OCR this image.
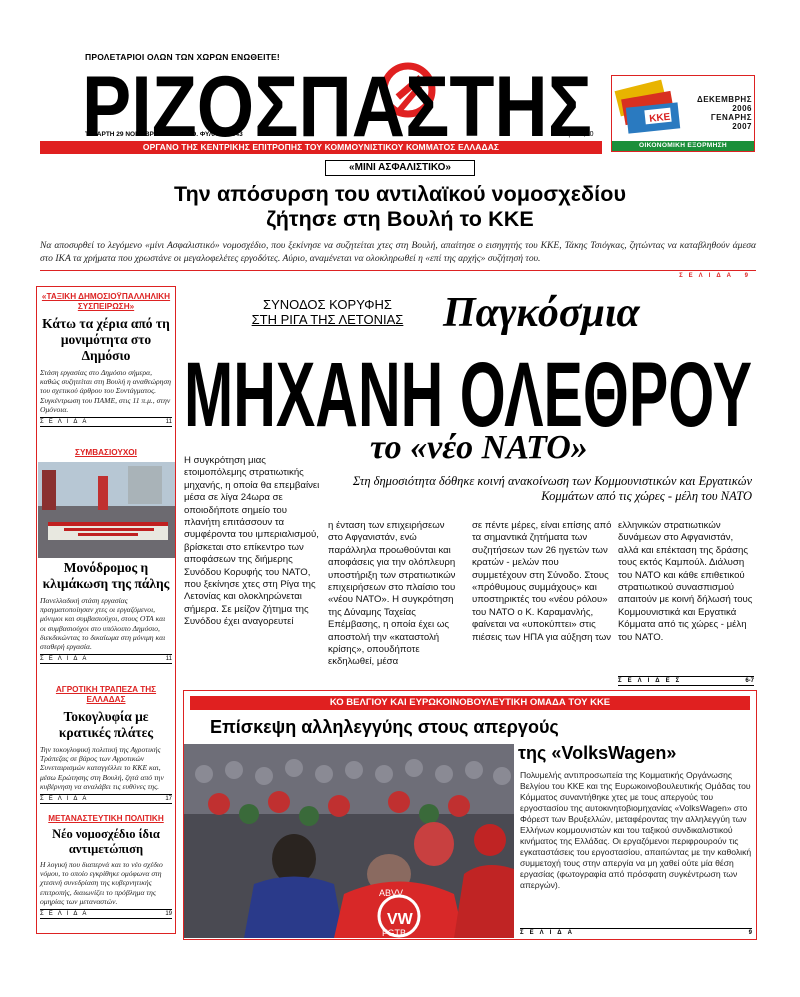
ΠΡΟΛΕΤΑΡΙΟΙ ΟΛΩΝ ΤΩΝ ΧΩΡΩΝ ΕΝΩΘΕΙΤΕ!
ΡΙΖΟΣΠΑΣΤΗΣ
ΤΕΤΑΡΤΗ 29 ΝΟΕΜΒΡΗ 2006 - ΑΡΙΘ. ΦΥΛΛΟΥ 9643	Ευρώ 1,00
ΟΡΓΑΝΟ ΤΗΣ ΚΕΝΤΡΙΚΗΣ ΕΠΙΤΡΟΠΗΣ ΤΟΥ ΚΟΜΜΟΥΝΙΣΤΙΚΟΥ ΚΟΜΜΑΤΟΣ ΕΛΛΑΔΑΣ
ΚΚΕ
ΔΕΚΕΜΒΡΗΣ
2006
ΓΕΝΑΡΗΣ
2007
ΟΙΚΟΝΟΜΙΚΗ ΕΞΟΡΜΗΣΗ
«ΜΙΝΙ ΑΣΦΑΛΙΣΤΙΚΟ»
Την απόσυρση του αντιλαϊκού νομοσχεδίου
ζήτησε στη Βουλή το ΚΚΕ
Να αποσυρθεί το λεγόμενο «μίνι Ασφαλιστικό» νομοσχέδιο, που ξεκίνησε να συζητείται χτες στη Βουλή, απαίτησε ο εισηγητής του ΚΚΕ, Τάκης Τσιόγκας, ζητώντας να καταβληθούν άμεσα στο ΙΚΑ τα χρήματα που χρωστάνε οι μεγαλοφελέτες εργοδότες. Αύριο, αναμένεται να ολοκληρωθεί η «επί της αρχής» συζήτησή του.
ΣΕΛΙΔΑ 9
«ΤΑΞΙΚΗ ΔΗΜΟΣΙΟΫΠΑΛΛΗΛΙΚΗ ΣΥΣΠΕΙΡΩΣΗ»
Κάτω τα χέρια από τη μονιμότητα στο Δημόσιο
Στάση εργασίας στο Δημόσιο σήμερα, καθώς συζητείται στη Βουλή η αναθεώρηση του σχετικού άρθρου του Συντάγματος. Συγκέντρωση του ΠΑΜΕ, στις 11 π.μ., στην Ομόνοια.
ΣΕΛΙΔΑ	11
ΣΥΜΒΑΣΙΟΥΧΟΙ
Μονόδρομος η κλιμάκωση της πάλης
Πανελλαδική στάση εργασίας πραγματοποίησαν χτες οι εργαζόμενοι, μόνιμοι και συμβασιούχοι, στους ΟΤΑ και οι συμβασιούχοι στο υπόλοιπο Δημόσιο, διεκδικώντας το δικαίωμα στη μόνιμη και σταθερή εργασία.
ΣΕΛΙΔΑ	11
ΑΓΡΟΤΙΚΗ ΤΡΑΠΕΖΑ ΤΗΣ ΕΛΛΑΔΑΣ
Τοκογλυφία με κρατικές πλάτες
Την τοκογλυφική πολιτική της Αγροτικής Τράπεζας σε βάρος των Αγροτικών Συνεταιρισμών καταγγέλλει το ΚΚΕ και, μέσω Ερώτησης στη Βουλή, ζητά από την κυβέρνηση να αναλάβει τις ευθύνες της.
ΣΕΛΙΔΑ	17
ΜΕΤΑΝΑΣΤΕΥΤΙΚΗ ΠΟΛΙΤΙΚΗ
Νέο νομοσχέδιο ίδια αντιμετώπιση
Η λογική που διαπερνά και το νέο σχέδιο νόμου, το οποίο εγκρίθηκε ομόφωνα στη χτεσινή συνεδρίαση της κυβερνητικής επιτροπής, διαιωνίζει το πρόβλημα της ομηρίας των μεταναστών.
ΣΕΛΙΔΑ	19
ΣΥΝΟΔΟΣ ΚΟΡΥΦΗΣ
ΣΤΗ ΡΙΓΑ ΤΗΣ ΛΕΤΟΝΙΑΣ Παγκόσμια
ΜΗΧΑΝΗ ΟΛΕΘΡΟΥ
το «νέο ΝΑΤΟ»
Στη δημοσιότητα δόθηκε κοινή ανακοίνωση των Κομμουνιστικών και Εργατικών Κομμάτων από τις χώρες - μέλη του ΝΑΤΟ
Η συγκρότηση μιας ετοιμοπόλεμης στρατιωτικής μηχανής, η οποία θα επεμβαίνει μέσα σε λίγα 24ωρα σε οποιοδήποτε σημείο του πλανήτη επιτάσσουν τα συμφέροντα του ιμπεριαλισμού, βρίσκεται στο επίκεντρο των αποφάσεων της διήμερης Συνόδου Κορυφής του ΝΑΤΟ, που ξεκίνησε χτες στη Ρίγα της Λετονίας και ολοκληρώνεται σήμερα. Σε μείζον ζήτημα της Συνόδου έχει αναγορευτεί
η ένταση των επιχειρήσεων στο Αφγανιστάν, ενώ παράλληλα προωθούνται και αποφάσεις για την ολόπλευρη υποστήριξη των στρατιωτικών επιχειρήσεων στο πλαίσιο του «νέου ΝΑΤΟ». Η συγκρότηση της Δύναμης Ταχείας Επέμβασης, η οποία έχει ως αποστολή την «καταστολή κρίσης», οπουδήποτε εκδηλωθεί, μέσα
σε πέντε μέρες, είναι επίσης από τα σημαντικά ζητήματα των συζητήσεων των 26 ηγετών των κρατών - μελών που συμμετέχουν στη Σύνοδο. Στους «πρόθυμους συμμάχους» και υποστηρικτές του «νέου ρόλου» του ΝΑΤΟ ο Κ. Καραμανλής, φαίνεται να «υποκύπτει» στις πιέσεις των ΗΠΑ για αύξηση των
ελληνικών στρατιωτικών δυνάμεων στο Αφγανιστάν, αλλά και επέκταση της δράσης τους εκτός Καμπούλ. Διάλυση του ΝΑΤΟ και κάθε επιθετικού στρατιωτικού συνασπισμού απαιτούν με κοινή δήλωσή τους Κομμουνιστικά και Εργατικά Κόμματα από τις χώρες - μέλη του ΝΑΤΟ.
ΣΕΛΙΔΕΣ	6-7
ΚΟ ΒΕΛΓΙΟΥ ΚΑΙ ΕΥΡΩΚΟΙΝΟΒΟΥΛΕΥΤΙΚΗ ΟΜΑΔΑ ΤΟΥ ΚΚΕ
Επίσκεψη αλληλεγγύης στους απεργούς
της «VolksWagen»
VW
ABVV
FGTB
Πολυμελής αντιπροσωπεία της Κομματικής Οργάνωσης Βελγίου του ΚΚΕ και της Ευρωκοινοβουλευτικής Ομάδας του Κόμματος συναντήθηκε χτες με τους απεργούς του εργοστασίου της αυτοκινητοβιομηχανίας «VolksWagen» στο Φόρεστ των Βρυξελλών, μεταφέροντας την αλληλεγγύη των Ελλήνων κομμουνιστών και του ταξικού συνδικαλιστικού κινήματος της Ελλάδας. Οι εργαζόμενοι περιφρουρούν τις εγκαταστάσεις του εργοστασίου, απαιτώντας με την καθολική συμμετοχή τους στην απεργία να μη χαθεί ούτε μία θέση εργασίας (φωτογραφία από πρόσφατη συγκέντρωση των απεργών).
ΣΕΛΙΔΑ	9
